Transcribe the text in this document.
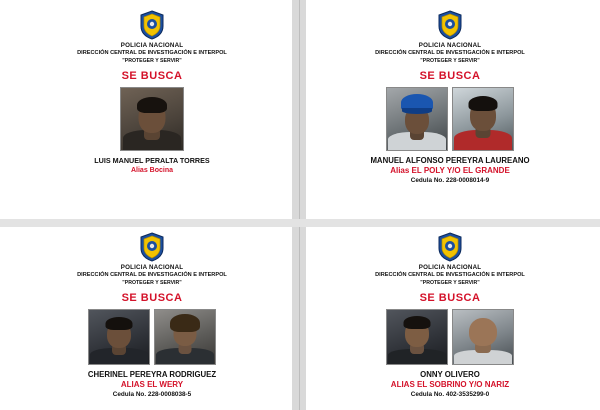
POLICIA NACIONAL
DIRECCIÓN CENTRAL DE INVESTIGACIÓN E INTERPOL
"PROTEGER Y SERVIR"
SE BUSCA
LUIS MANUEL PERALTA TORRES
Alias Bocina
POLICIA NACIONAL
DIRECCIÓN CENTRAL DE INVESTIGACIÓN E INTERPOL
"PROTEGER Y SERVIR"
SE BUSCA
MANUEL ALFONSO PEREYRA LAUREANO
Alias EL POLY Y/O EL GRANDE
Cedula No. 228-0008014-9
POLICIA NACIONAL
DIRECCIÓN CENTRAL DE INVESTIGACIÓN E INTERPOL
"PROTEGER Y SERVIR"
SE BUSCA
CHERINEL PEREYRA RODRIGUEZ
ALIAS EL WERY
Cedula No. 228-0008038-5
POLICIA NACIONAL
DIRECCIÓN CENTRAL DE INVESTIGACIÓN E INTERPOL
"PROTEGER Y SERVIR"
SE BUSCA
ONNY OLIVERO
ALIAS EL SOBRINO Y/O NARIZ
Cedula No. 402-3535299-0
